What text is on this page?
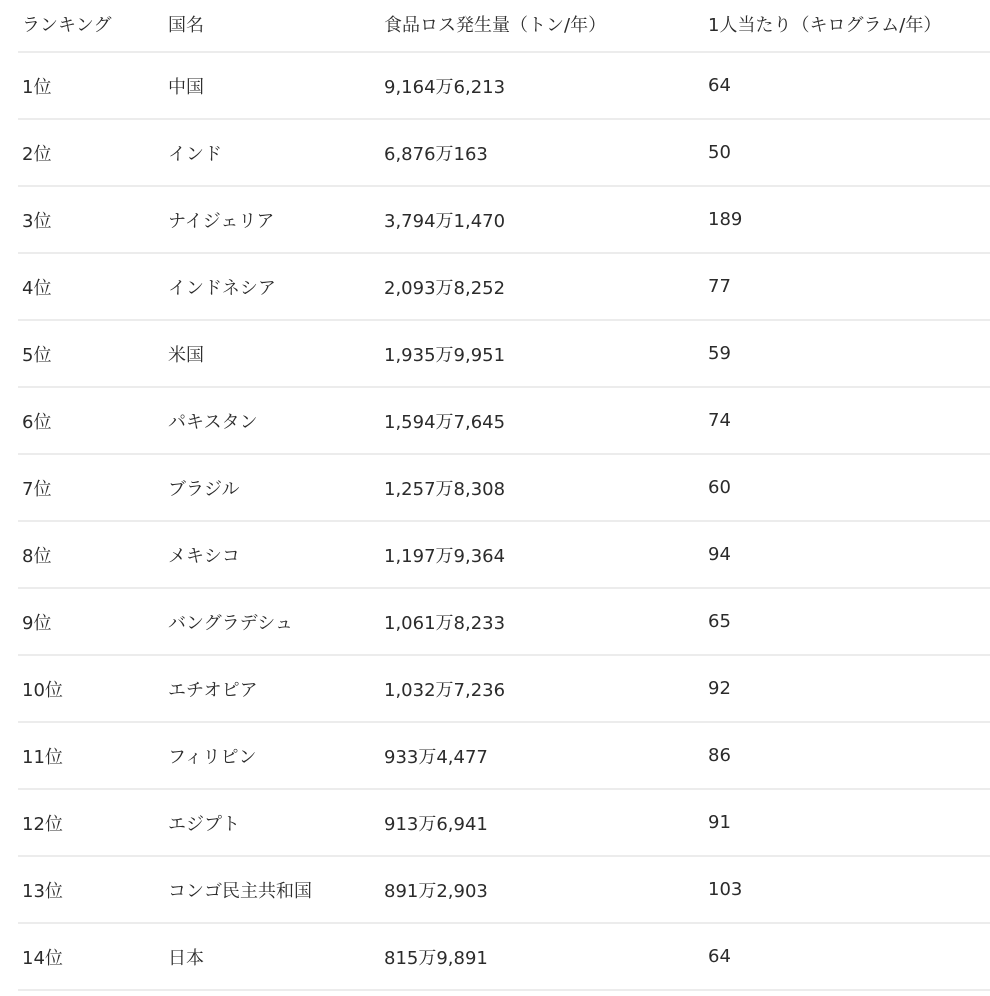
ランキング	国名	食品ロス発生量（トン/年）	1人当たり（キログラム/年）
1位	中国	9,164万6,213	64
2位	インド	6,876万163	50
3位	ナイジェリア	3,794万1,470	189
4位	インドネシア	2,093万8,252	77
5位	米国	1,935万9,951	59
6位	パキスタン	1,594万7,645	74
7位	ブラジル	1,257万8,308	60
8位	メキシコ	1,197万9,364	94
9位	バングラデシュ	1,061万8,233	65
10位	エチオピア	1,032万7,236	92
11位	フィリピン	933万4,477	86
12位	エジプト	913万6,941	91
13位	コンゴ民主共和国	891万2,903	103
14位	日本	815万9,891	64
